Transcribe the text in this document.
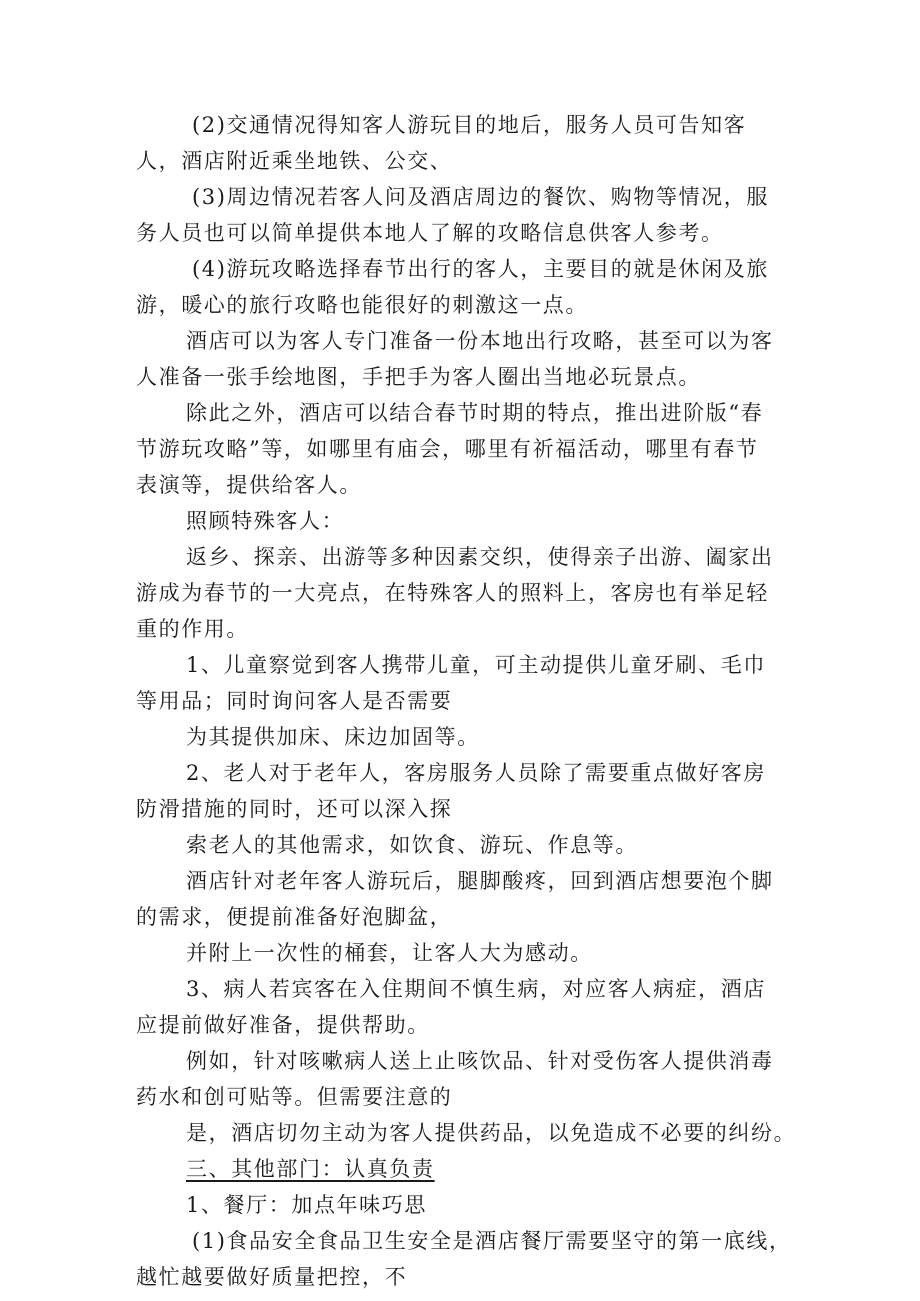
(2)交通情况得知客人游玩目的地后，服务人员可告知客
人，酒店附近乘坐地铁、公交、
(3)周边情况若客人问及酒店周边的餐饮、购物等情况，服
务人员也可以简单提供本地人了解的攻略信息供客人参考。
(4)游玩攻略选择春节出行的客人，主要目的就是休闲及旅
游，暖心的旅行攻略也能很好的刺激这一点。
酒店可以为客人专门准备一份本地出行攻略，甚至可以为客
人准备一张手绘地图，手把手为客人圈出当地必玩景点。
除此之外，酒店可以结合春节时期的特点，推出进阶版“春
节游玩攻略”等，如哪里有庙会，哪里有祈福活动，哪里有春节
表演等，提供给客人。
照顾特殊客人：
返乡、探亲、出游等多种因素交织，使得亲子出游、阖家出
游成为春节的一大亮点，在特殊客人的照料上，客房也有举足轻
重的作用。
1、儿童察觉到客人携带儿童，可主动提供儿童牙刷、毛巾
等用品；同时询问客人是否需要
为其提供加床、床边加固等。
2、老人对于老年人，客房服务人员除了需要重点做好客房
防滑措施的同时，还可以深入探
索老人的其他需求，如饮食、游玩、作息等。
酒店针对老年客人游玩后，腿脚酸疼，回到酒店想要泡个脚
的需求，便提前准备好泡脚盆，
并附上一次性的桶套，让客人大为感动。
3、病人若宾客在入住期间不慎生病，对应客人病症，酒店
应提前做好准备，提供帮助。
例如，针对咳嗽病人送上止咳饮品、针对受伤客人提供消毒
药水和创可贴等。但需要注意的
是，酒店切勿主动为客人提供药品，以免造成不必要的纠纷。
三、其他部门：认真负责
1、餐厅：加点年味巧思
(1)食品安全食品卫生安全是酒店餐厅需要坚守的第一底线，
越忙越要做好质量把控，不
